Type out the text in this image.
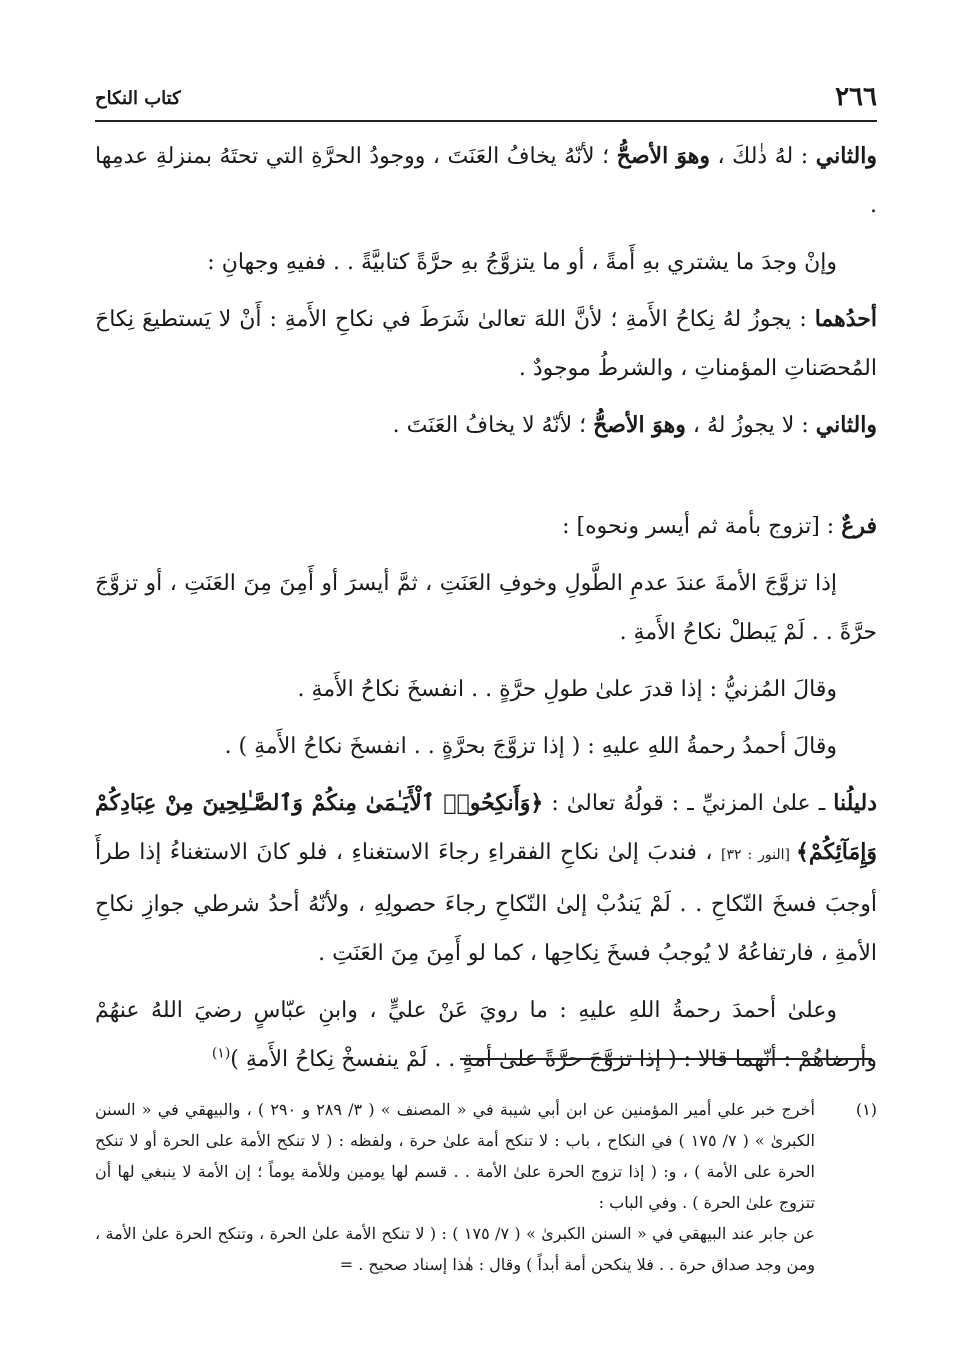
٢٦٦
كتاب النكاح

والثاني : لهُ ذٰلكَ ، وهوَ الأصحُّ ؛ لأنّهُ يخافُ العَنَتَ ، ووجودُ الحرَّةِ التي تحتَهُ بمنزلةِ عدمِها .

وإنْ وجدَ ما يشتري بهِ أَمةً ، أو ما يتزوَّجُ بهِ حرَّةً كتابيَّةً . . ففيهِ وجهانِ :

أحدُهما : يجوزُ لهُ نِكاحُ الأَمةِ ؛ لأنَّ اللهَ تعالىٰ شَرَطَ في نكاحِ الأَمةِ : أَنْ لا يَستطيعَ نِكاحَ المُحصَناتِ المؤمناتِ ، والشرطُ موجودٌ .

والثاني : لا يجوزُ لهُ ، وهوَ الأصحُّ ؛ لأنّهُ لا يخافُ العَنَتَ .

فرعٌ : [تزوج بأمة ثم أيسر ونحوه] :

إذا تزوَّجَ الأمةَ عندَ عدمِ الطَّولِ وخوفِ العَنَتِ ، ثمَّ أيسرَ أو أَمِنَ مِنَ العَنَتِ ، أو تزوَّجَ حرَّةً . . لَمْ يَبطلْ نكاحُ الأَمةِ .

وقالَ المُزنيُّ : إذا قدرَ علىٰ طولِ حرَّةٍ . . انفسخَ نكاحُ الأَمةِ .

وقالَ أحمدُ رحمةُ اللهِ عليهِ : ( إذا تزوَّجَ بحرَّةٍ . . انفسخَ نكاحُ الأَمةِ ) .

دليلُنا ـ علىٰ المزنيِّ ـ : قولُهُ تعالىٰ : ﴿وَأَنكِحُوا۟ ٱلْأَيَـٰمَىٰ مِنكُمْ وَٱلصَّـٰلِحِينَ مِنْ عِبَادِكُمْ وَإِمَآئِكُمْ﴾ [النور : ٣٢] ، فندبَ إلىٰ نكاحِ الفقراءِ رجاءَ الاستغناءِ ، فلو كانَ الاستغناءُ إذا طرأَ أوجبَ فسخَ النّكاحِ . . لَمْ يَندُبْ إلىٰ النّكاحِ رجاءَ حصولِهِ ، ولأنّهُ أحدُ شرطي جوازِ نكاحِ الأمةِ ، فارتفاعُهُ لا يُوجبُ فسخَ نِكاحِها ، كما لو أَمِنَ مِنَ العَنَتِ .

وعلىٰ أحمدَ رحمةُ اللهِ عليهِ : ما رويَ عَنْ عليٍّ ، وابنِ عبّاسٍ رضيَ اللهُ عنهُمْ وأرضاهُمْ : أنّهما قالا : ( إذا تزوَّجَ حرَّةً علىٰ أمةٍ . . لَمْ ينفسخْ نِكاحُ الأَمةِ )$^{(١)}$

(١)

أخرج خبر علي أمير المؤمنين عن ابن أبي شيبة في « المصنف » ( ٣/ ٢٨٩ و ٢٩٠ ) ، والبيهقي في « السنن الكبرىٰ » ( ٧/ ١٧٥ ) في النكاح ، باب : لا تنكح أمة علىٰ حرة ، ولفظه : ( لا تنكح الأمة على الحرة أو لا تنكح الحرة على الأمة ) ، و: ( إذا تزوج الحرة علىٰ الأمة . . قسم لها يومين وللأمة يوماً ؛ إن الأمة لا ينبغي لها أن تتزوج علىٰ الحرة ) . وفي الباب :

عن جابر عند البيهقي في « السنن الكبرىٰ » ( ٧/ ١٧٥ ) : ( لا تنكح الأمة علىٰ الحرة ، وتنكح الحرة علىٰ الأمة ، ومن وجد صداق حرة . . فلا ينكحن أمة أبداً ) وقال : هٰذا إسناد صحيح . =
